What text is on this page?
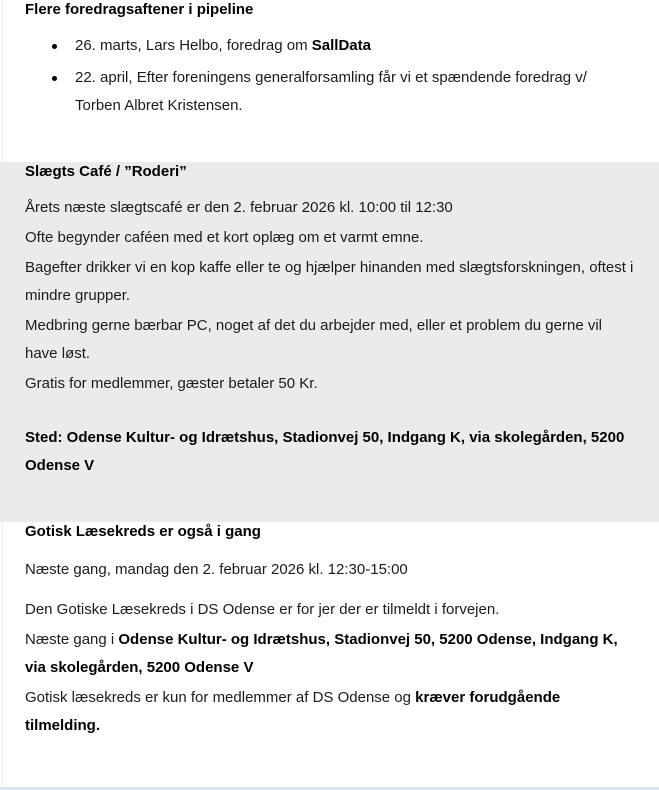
Flere foredragsaftener i pipeline
26. marts, Lars Helbo, foredrag om SallData
22. april, Efter foreningens generalforsamling får vi et spændende foredrag v/ Torben Albret Kristensen.
Slægts Café / ”Roderi”

Årets næste slægtscafé er den 2. februar 2026 kl. 10:00 til 12:30

Ofte begynder caféen med et kort oplæg om et varmt emne.

Bagefter drikker vi en kop kaffe eller te og hjælper hinanden med slægtsforskningen, oftest i mindre grupper.

Medbring gerne bærbar PC, noget af det du arbejder med, eller et problem du gerne vil have løst.

Gratis for medlemmer, gæster betaler 50 Kr.

Sted: Odense Kultur- og Idrætshus, Stadionvej 50, Indgang K, via skolegården, 5200 Odense V

Gotisk Læsekreds er også i gang

Næste gang, mandag den 2. februar 2026 kl. 12:30-15:00

Den Gotiske Læsekreds i DS Odense er for jer der er tilmeldt i forvejen.

Næste gang i Odense Kultur- og Idrætshus, Stadionvej 50, 5200 Odense, Indgang K, via skolegården, 5200 Odense V

Gotisk læsekreds er kun for medlemmer af DS Odense og kræver forudgående tilmelding.
